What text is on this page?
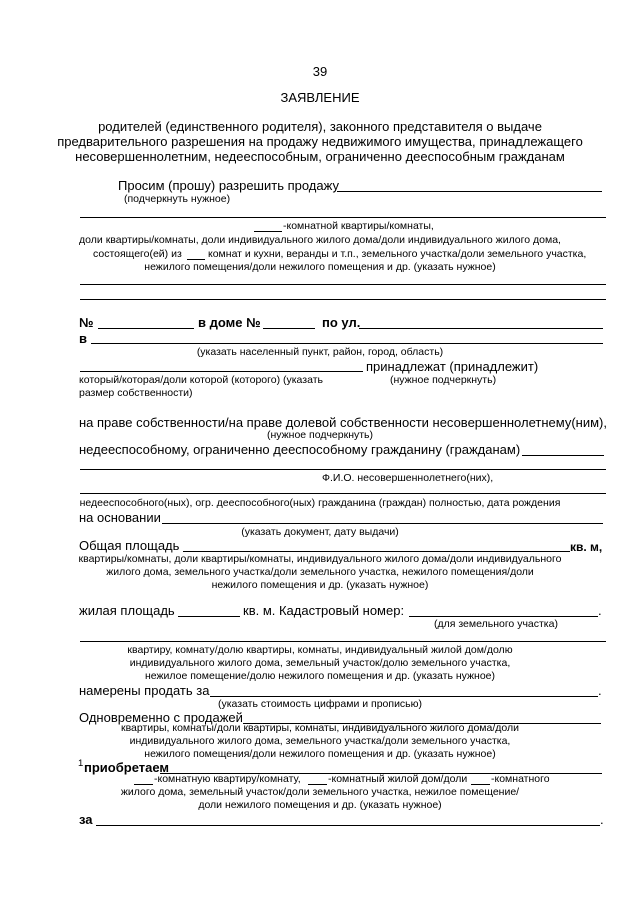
39
ЗАЯВЛЕНИЕ
родителей (единственного родителя), законного представителя о выдаче
предварительного разрешения на продажу недвижимого имущества, принадлежащего
несовершеннолетним, недееспособным, ограниченно дееспособным гражданам
Просим (прошу) разрешить продажу
(подчеркнуть нужное)
-комнатной квартиры/комнаты,
доли квартиры/комнаты, доли индивидуального жилого дома/доли индивидуального жилого дома,
состоящего(ей) из комнат и кухни, веранды и т.п., земельного участка/доли земельного участка,
нежилого помещения/доли нежилого помещения и др. (указать нужное)
№	в доме №	по ул.
в
(указать населенный пункт, район, город, область)
принадлежат (принадлежит)
который/которая/доли которой (которого) (указать	(нужное подчеркнуть)
размер собственности)
на праве собственности/на праве долевой собственности несовершеннолетнему(ним),
(нужное подчеркнуть)
недееспособному, ограниченно дееспособному гражданину (гражданам)
Ф.И.О. несовершеннолетнего(них),
недееспособного(ных), огр. дееспособного(ных) гражданина (граждан) полностью, дата рождения
на основании
(указать документ, дату выдачи)
Общая площадь	кв. м,
квартиры/комнаты, доли квартиры/комнаты, индивидуального жилого дома/доли индивидуального
жилого дома, земельного участка/доли земельного участка, нежилого помещения/доли
нежилого помещения и др. (указать нужное)
жилая площадь	кв. м. Кадастровый номер:	.
(для земельного участка)
квартиру, комнату/долю квартиры, комнаты, индивидуальный жилой дом/долю
индивидуального жилого дома, земельный участок/долю земельного участка,
нежилое помещение/долю нежилого помещения и др. (указать нужное)
намерены продать за	.
(указать стоимость цифрами и прописью)
Одновременно с продажей
квартиры, комнаты/доли квартиры, комнаты, индивидуального жилого дома/доли
индивидуального жилого дома, земельного участка/доли земельного участка,
нежилого помещения/доли нежилого помещения и др. (указать нужное)
1 приобретаем
-комнатную квартиру/комнату,	-комнатный жилой дом/доли -комнатного
жилого дома, земельный участок/доли земельного участка, нежилое помещение/
доли нежилого помещения и др. (указать нужное)
за	.
